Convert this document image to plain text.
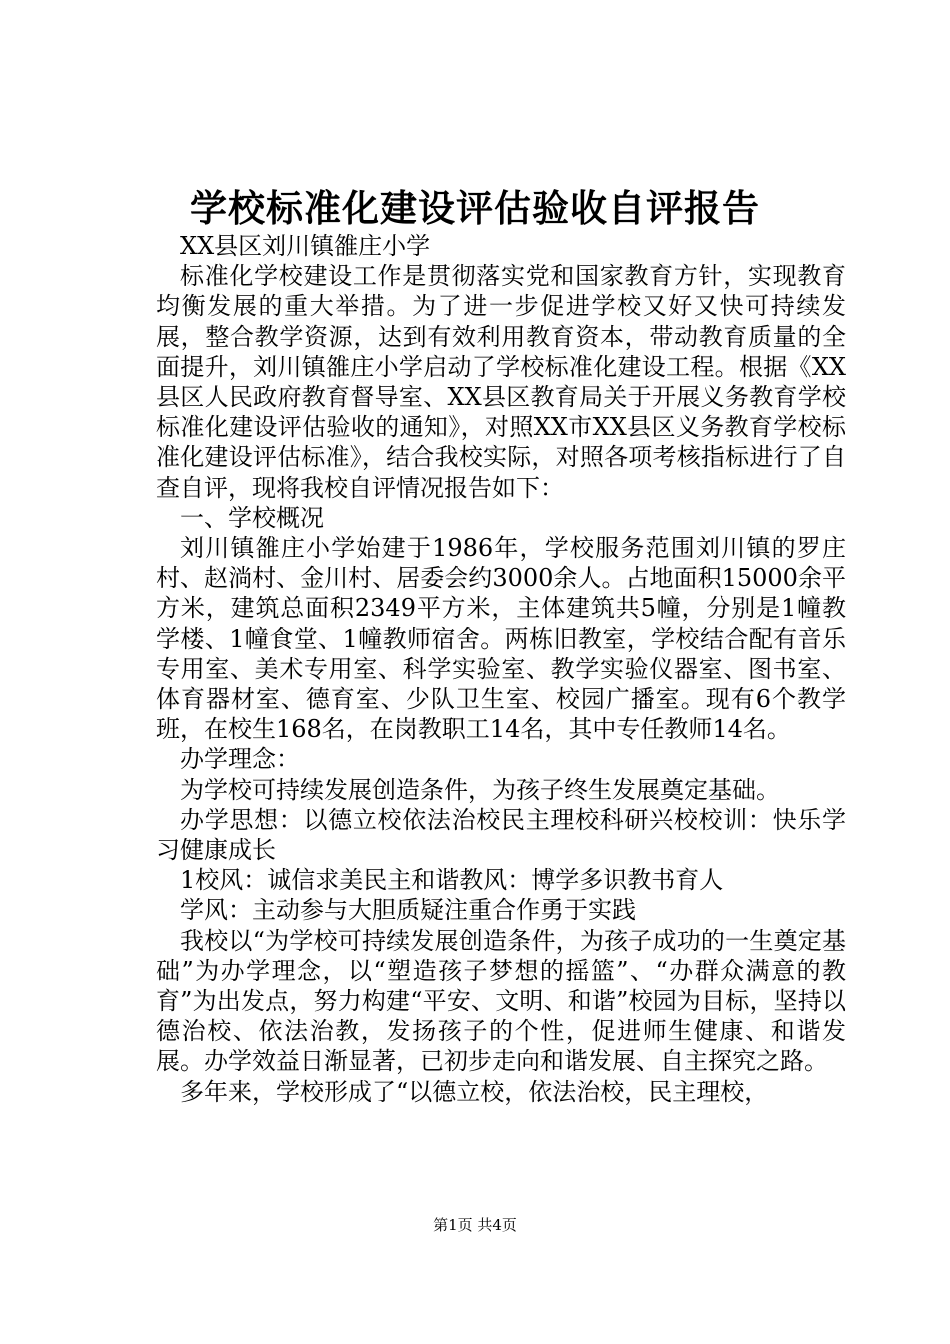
学校标准化建设评估验收自评报告

XX县区刘川镇雒庄小学

标准化学校建设工作是贯彻落实党和国家教育方针，实现教育均衡发展的重大举措。为了进一步促进学校又好又快可持续发展，整合教学资源，达到有效利用教育资本，带动教育质量的全面提升，刘川镇雒庄小学启动了学校标准化建设工程。根据《XX县区人民政府教育督导室、XX县区教育局关于开展义务教育学校标准化建设评估验收的通知》，对照XX市XX县区义务教育学校标准化建设评估标准》，结合我校实际，对照各项考核指标进行了自查自评，现将我校自评情况报告如下：

一、学校概况

刘川镇雒庄小学始建于1986年，学校服务范围刘川镇的罗庄村、赵淌村、金川村、居委会约3000余人。占地面积15000余平方米，建筑总面积2349平方米，主体建筑共5幢，分别是1幢教学楼、1幢食堂、1幢教师宿舍。两栋旧教室，学校结合配有音乐专用室、美术专用室、科学实验室、教学实验仪器室、图书室、体育器材室、德育室、少队卫生室、校园广播室。现有6个教学班，在校生168名，在岗教职工14名，其中专任教师14名。

办学理念：

为学校可持续发展创造条件，为孩子终生发展奠定基础。

办学思想：以德立校依法治校民主理校科研兴校校训：快乐学习健康成长

1校风：诚信求美民主和谐教风：博学多识教书育人

学风：主动参与大胆质疑注重合作勇于实践

我校以“为学校可持续发展创造条件，为孩子成功的一生奠定基础”为办学理念，以“塑造孩子梦想的摇篮”、“办群众满意的教育”为出发点，努力构建“平安、文明、和谐”校园为目标，坚持以德治校、依法治教，发扬孩子的个性，促进师生健康、和谐发展。办学效益日渐显著，已初步走向和谐发展、自主探究之路。

多年来，学校形成了“以德立校，依法治校，民主理校，

第1页 共4页
